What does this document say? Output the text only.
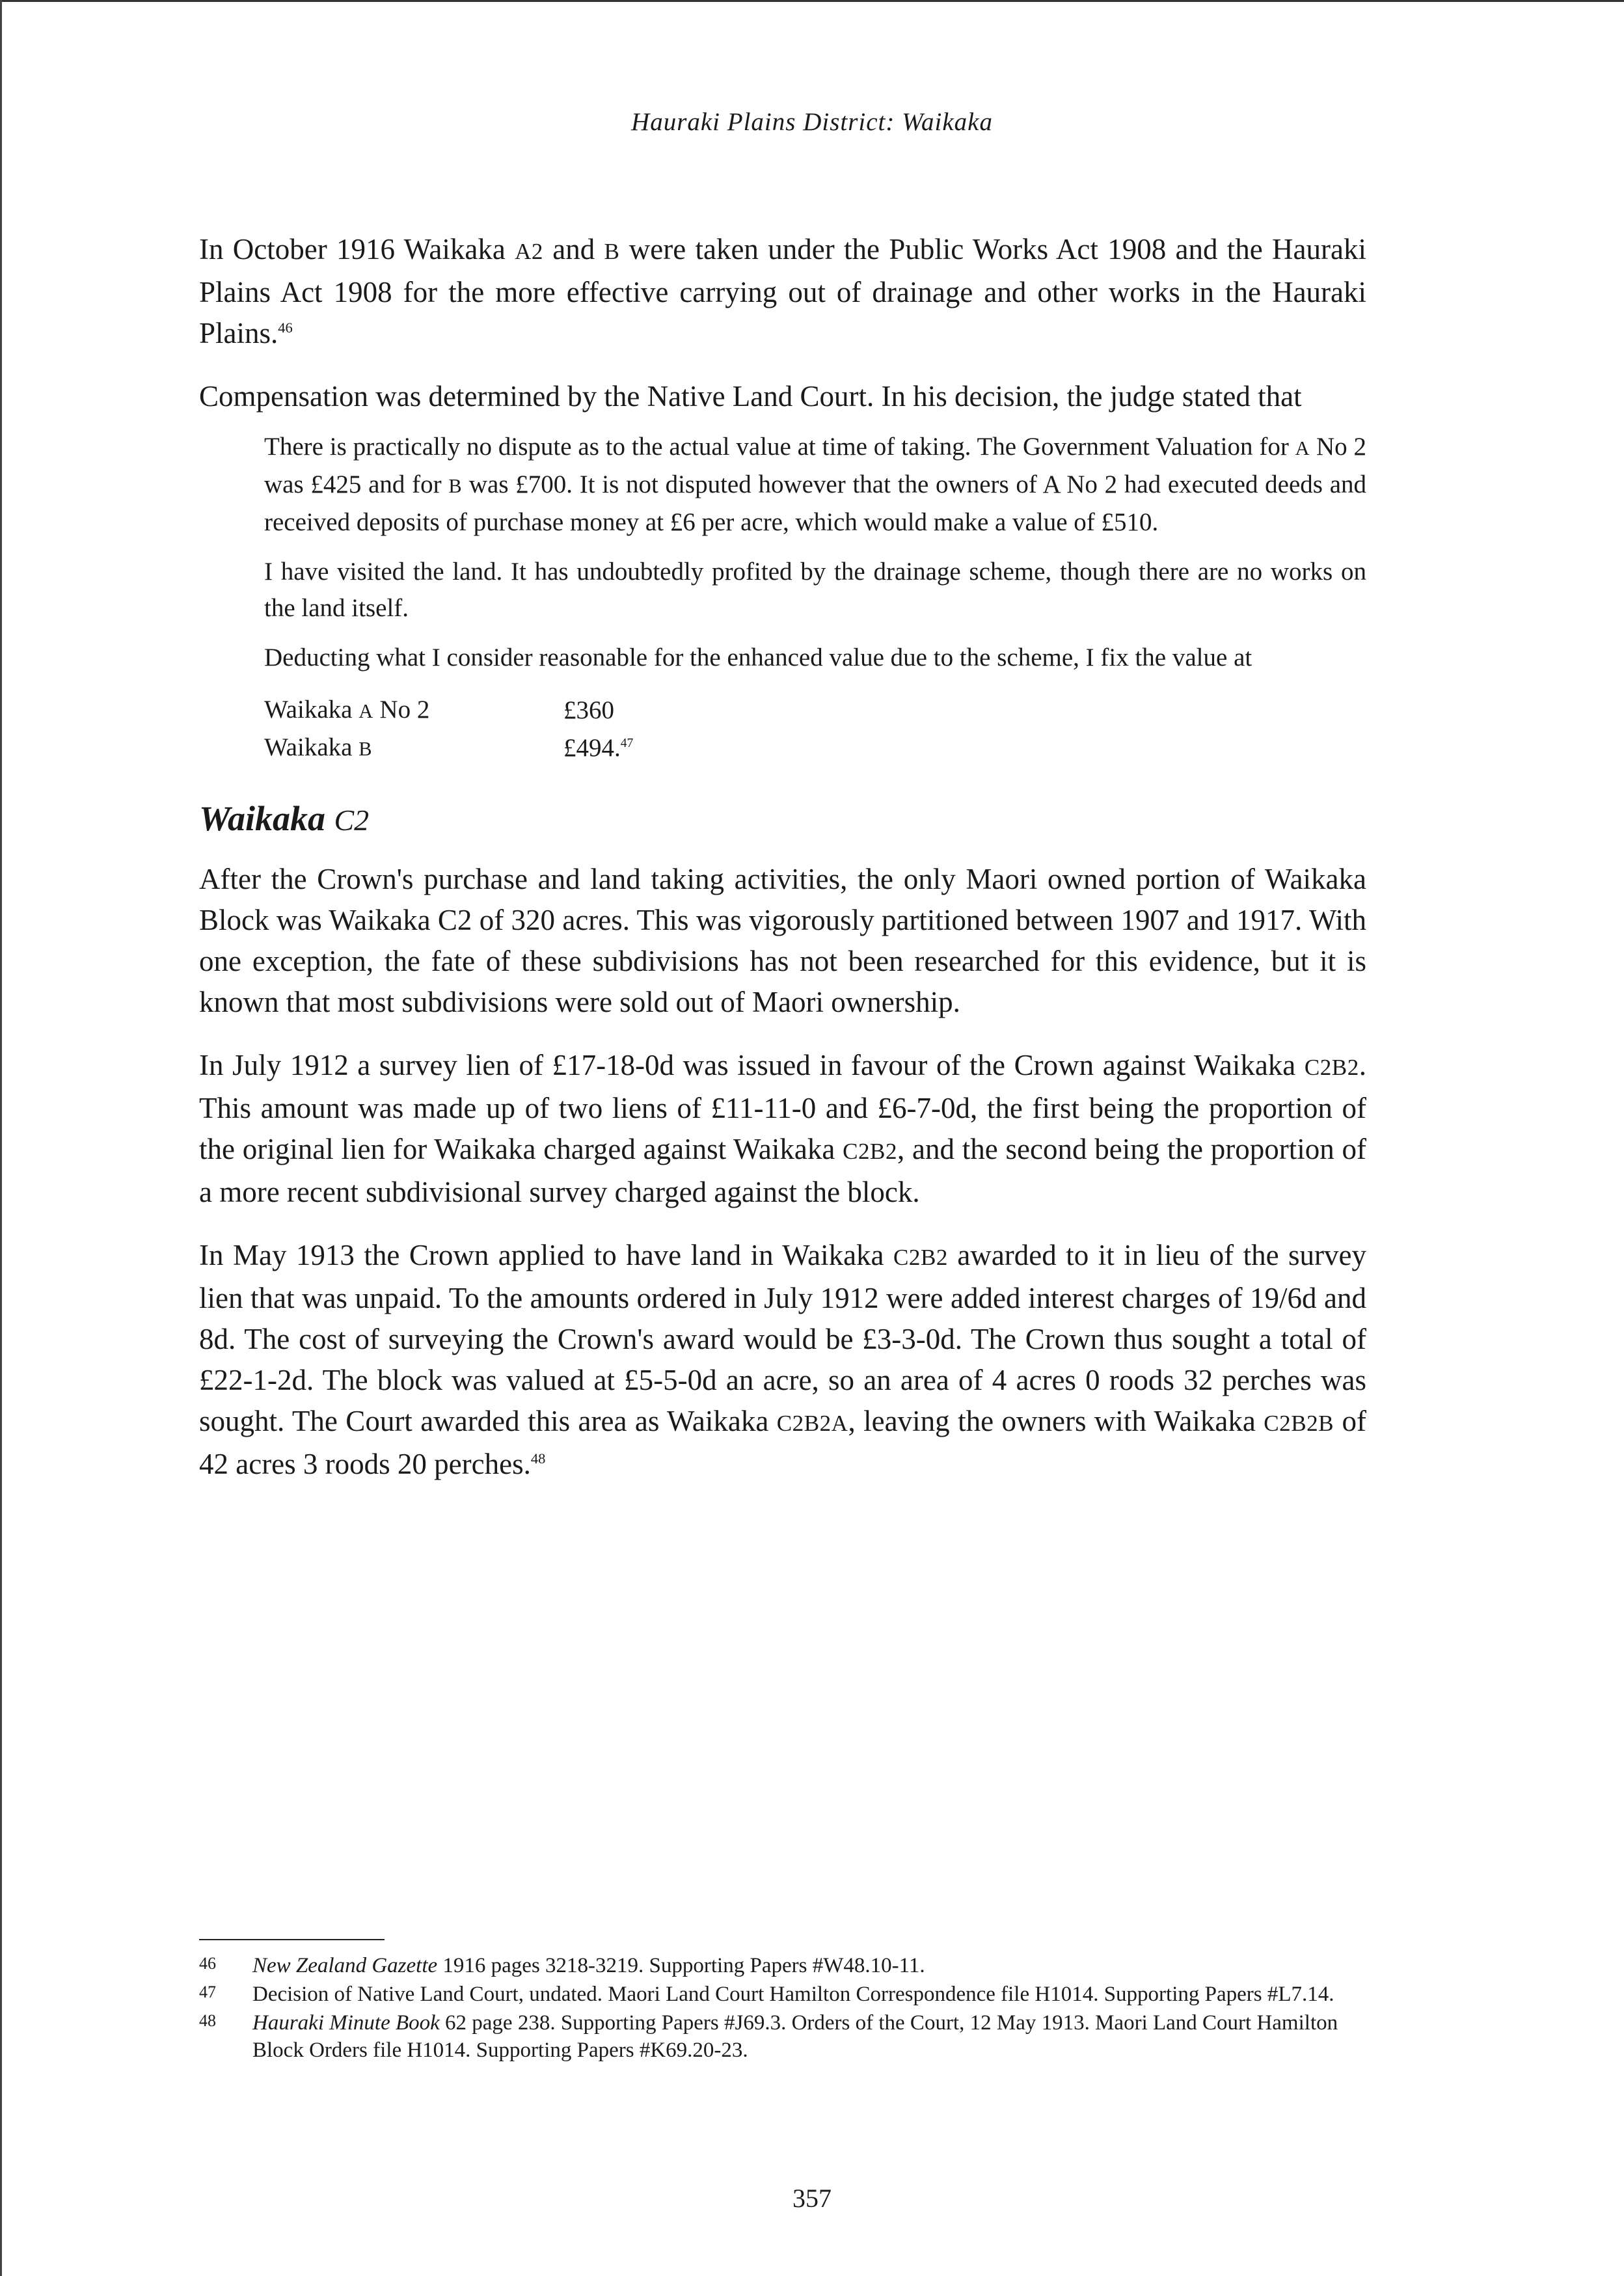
Hauraki Plains District: Waikaka

In October 1916 Waikaka A2 and B were taken under the Public Works Act 1908 and the Hauraki Plains Act 1908 for the more effective carrying out of drainage and other works in the Hauraki Plains.$^{46}$

Compensation was determined by the Native Land Court. In his decision, the judge stated that

There is practically no dispute as to the actual value at time of taking. The Government Valuation for A No 2 was £425 and for B was £700. It is not disputed however that the owners of A No 2 had executed deeds and received deposits of purchase money at £6 per acre, which would make a value of £510.

I have visited the land. It has undoubtedly profited by the drainage scheme, though there are no works on the land itself.

Deducting what I consider reasonable for the enhanced value due to the scheme, I fix the value at

Waikaka A No 2	£360
Waikaka B	£494.47
Waikaka C2

After the Crown's purchase and land taking activities, the only Maori owned portion of Waikaka Block was Waikaka C2 of 320 acres. This was vigorously partitioned between 1907 and 1917. With one exception, the fate of these subdivisions has not been researched for this evidence, but it is known that most subdivisions were sold out of Maori ownership.

In July 1912 a survey lien of £17-18-0d was issued in favour of the Crown against Waikaka C2B2. This amount was made up of two liens of £11-11-0 and £6-7-0d, the first being the proportion of the original lien for Waikaka charged against Waikaka C2B2, and the second being the proportion of a more recent subdivisional survey charged against the block.

In May 1913 the Crown applied to have land in Waikaka C2B2 awarded to it in lieu of the survey lien that was unpaid. To the amounts ordered in July 1912 were added interest charges of 19/6d and 8d. The cost of surveying the Crown's award would be £3-3-0d. The Crown thus sought a total of £22-1-2d. The block was valued at £5-5-0d an acre, so an area of 4 acres 0 roods 32 perches was sought. The Court awarded this area as Waikaka C2B2A, leaving the owners with Waikaka C2B2B of 42 acres 3 roods 20 perches.$^{48}$

46	New Zealand Gazette 1916 pages 3218-3219. Supporting Papers #W48.10-11.
47	Decision of Native Land Court, undated. Maori Land Court Hamilton Correspondence file H1014. Supporting Papers #L7.14.
48	Hauraki Minute Book 62 page 238. Supporting Papers #J69.3. Orders of the Court, 12 May 1913. Maori Land Court Hamilton Block Orders file H1014. Supporting Papers #K69.20-23.
357
